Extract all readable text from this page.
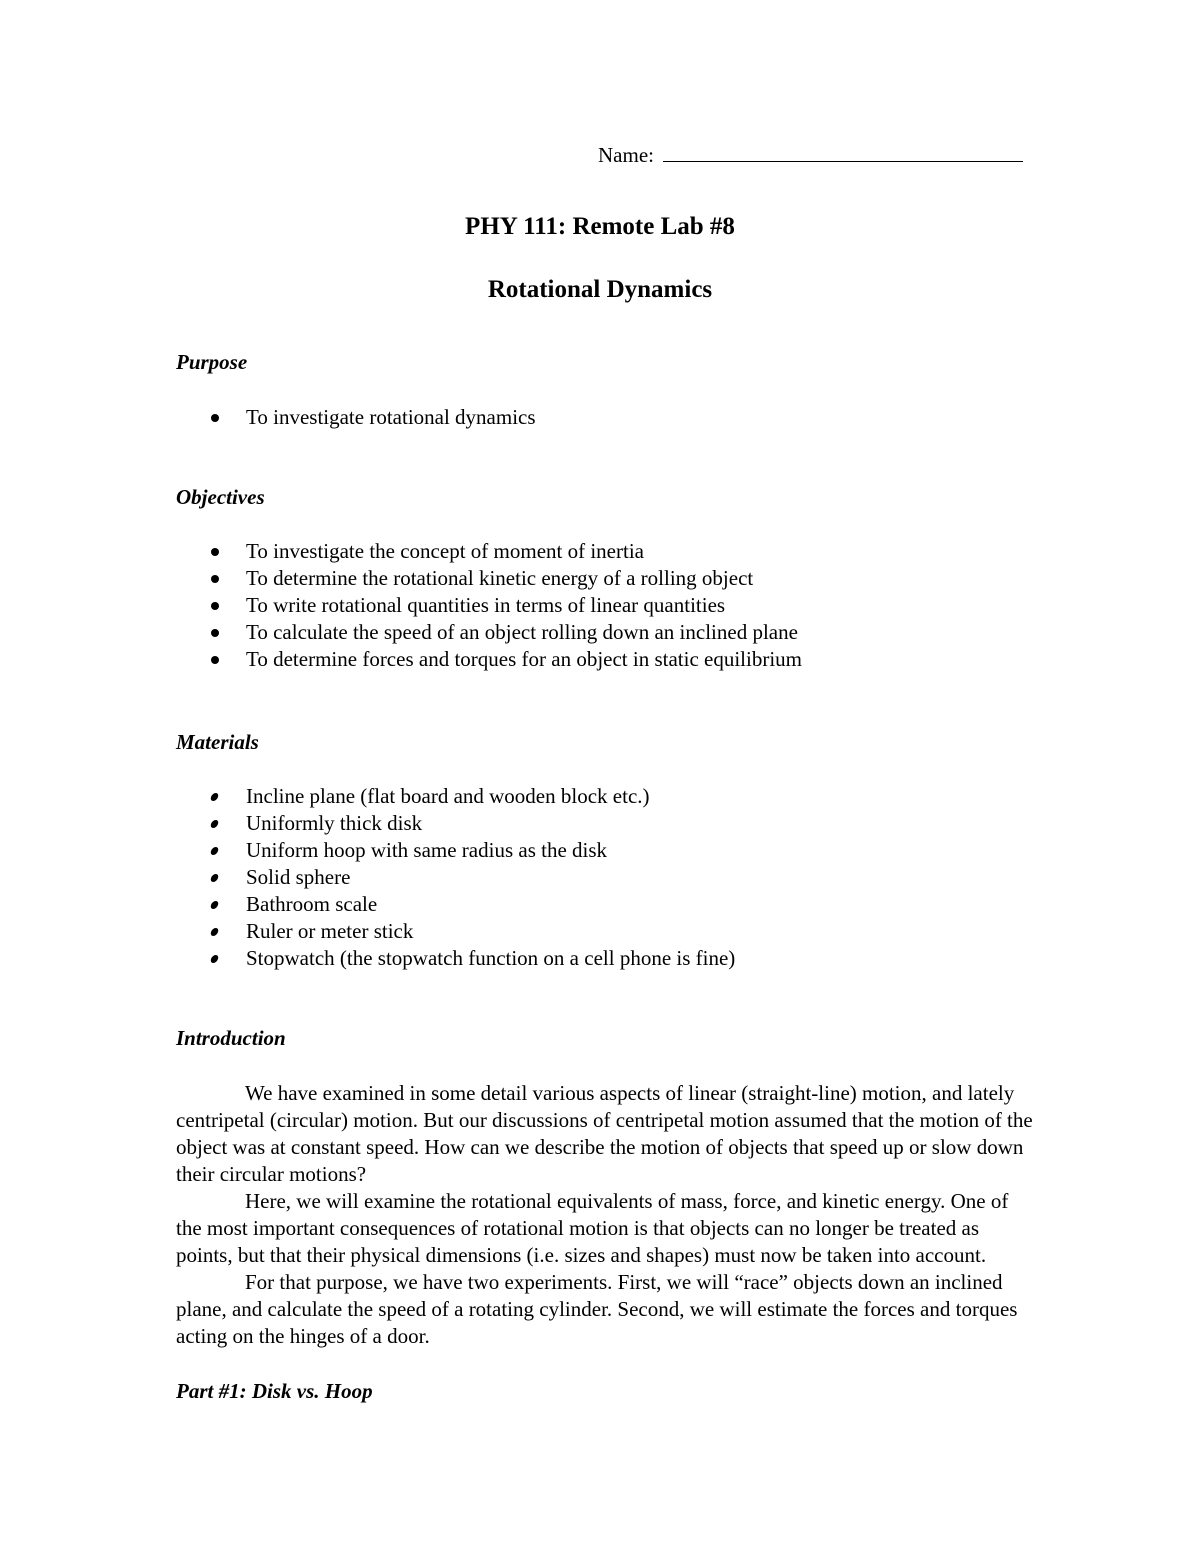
Name:
PHY 111: Remote Lab #8
Rotational Dynamics
Purpose
To investigate rotational dynamics
Objectives
To investigate the concept of moment of inertia
To determine the rotational kinetic energy of a rolling object
To write rotational quantities in terms of linear quantities
To calculate the speed of an object rolling down an inclined plane
To determine forces and torques for an object in static equilibrium
Materials
Incline plane (flat board and wooden block etc.)
Uniformly thick disk
Uniform hoop with same radius as the disk
Solid sphere
Bathroom scale
Ruler or meter stick
Stopwatch (the stopwatch function on a cell phone is fine)
Introduction

We have examined in some detail various aspects of linear (straight-line) motion, and lately centripetal (circular) motion. But our discussions of centripetal motion assumed that the motion of the object was at constant speed. How can we describe the motion of objects that speed up or slow down their circular motions?

Here, we will examine the rotational equivalents of mass, force, and kinetic energy. One of the most important consequences of rotational motion is that objects can no longer be treated as points, but that their physical dimensions (i.e. sizes and shapes) must now be taken into account.

For that purpose, we have two experiments. First, we will “race” objects down an inclined plane, and calculate the speed of a rotating cylinder. Second, we will estimate the forces and torques acting on the hinges of a door.

Part #1: Disk vs. Hoop
